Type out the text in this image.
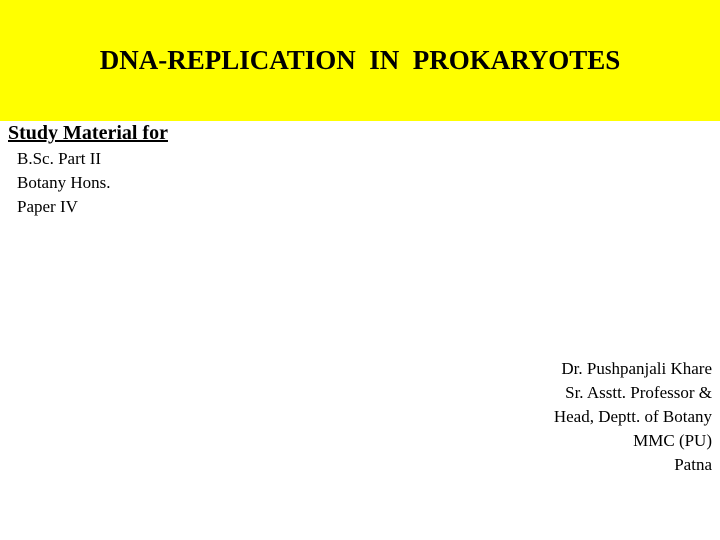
DNA-REPLICATION  IN  PROKARYOTES
Study Material for
B.Sc. Part II
Botany Hons.
Paper IV
Dr. Pushpanjali Khare
Sr. Asstt. Professor &
Head, Deptt. of Botany
MMC (PU)
Patna
